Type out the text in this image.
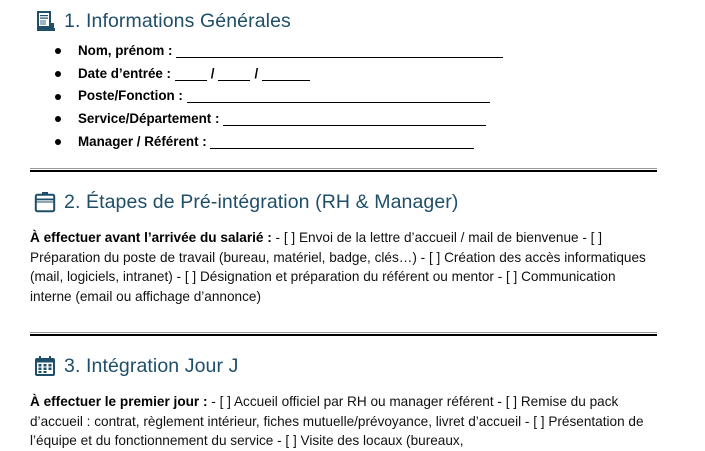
1. Informations Générales
Nom, prénom :

Date d’entrée :
	/	/
Poste/Fonction :

Service/Département :

Manager / Référent :

2. Étapes de Pré-intégration (RH & Manager)
À effectuer avant l’arrivée du salarié : - [ ] Envoi de la lettre d’accueil / mail de bienvenue - [ ] Préparation du poste de travail (bureau, matériel, badge, clés…) - [ ] Création des accès informatiques (mail, logiciels, intranet) - [ ] Désignation et préparation du référent ou mentor - [ ] Communication interne (email ou affichage d’annonce)
3. Intégration Jour J
À effectuer le premier jour : - [ ] Accueil officiel par RH ou manager référent - [ ] Remise du pack d’accueil : contrat, règlement intérieur, fiches mutuelle/prévoyance, livret d’accueil - [ ] Présentation de l’équipe et du fonctionnement du service - [ ] Visite des locaux (bureaux,
